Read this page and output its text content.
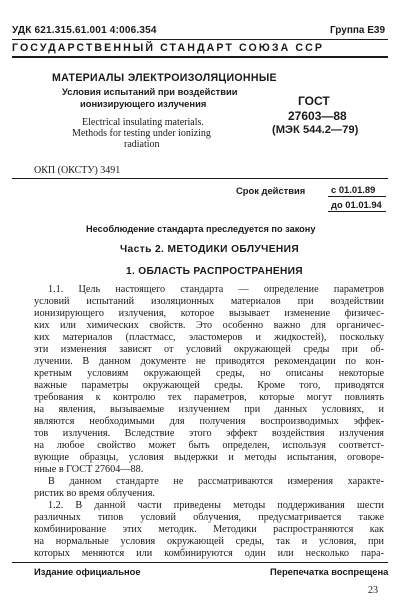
УДК 621.315.61.001 4:006.354	Группа Е39
ГОСУДАРСТВЕННЫЙ СТАНДАРТ СОЮЗА ССР
МАТЕРИАЛЫ ЭЛЕКТРОИЗОЛЯЦИОННЫЕ
Условия испытаний при воздействии
ионизирующего излучения
Electrical insulating materials.
Methods for testing under ionizing
radiation
ГОСТ
27603—88
(МЭК 544.2—79)
ОКП (ОКСТУ) 3491
Срок действия	с 01.01.89
до 01.01.94
Несоблюдение стандарта преследуется по закону
Часть 2. МЕТОДИКИ ОБЛУЧЕНИЯ
1. ОБЛАСТЬ РАСПРОСТРАНЕНИЯ
1.1. Цель настоящего стандарта — определение параметров
условий испытаний изоляционных материалов при воздействии
ионизирующего излучения, которое вызывает изменение физичес-
ких или химических свойств. Это особенно важно для органичес-
ких материалов (пластмасс, эластомеров и жидкостей), поскольку
эти изменения зависят от условий окружающей среды при об-
лучении. В данном документе не приводятся рекомендации по кон-
кретным условиям окружающей среды, но описаны некоторые
важные параметры окружающей среды. Кроме того, приводятся
требования к контролю тех параметров, которые могут повлиять
на явления, вызываемые излучением при данных условиях, и
являются необходимыми для получения воспроизводимых эффек-
тов излучения. Вследствие этого эффект воздействия излучения
на любое свойство может быть определен, используя соответст-
вующие образцы, условия выдержки и методы испытания, оговоре-
нные в ГОСТ 27604—88.
В данном стандарте не рассматриваются измерения характе-
ристик во время облучения.
1.2. В данной части приведены методы поддерживания шести
различных типов условий облучения, предусматривается также
комбинирование этих методик. Методики распространяются как
на нормальные условия окружающей среды, так и условия, при
которых меняются или комбинируются один или несколько пара-
Издание официальное	Перепечатка воспрещена
23
